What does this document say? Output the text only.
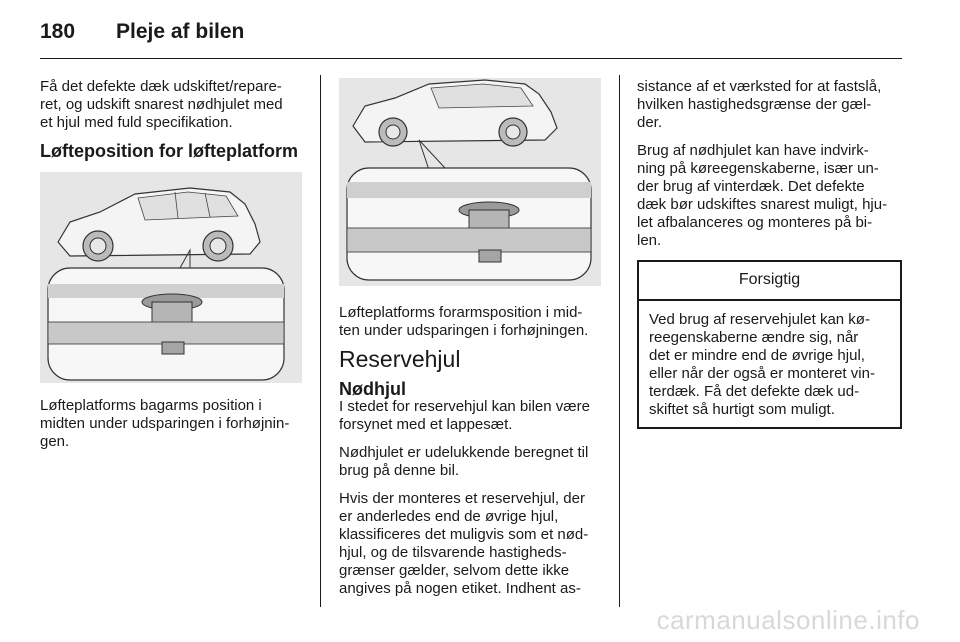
180	Pleje af bilen

Få det defekte dæk udskiftet/repare-
ret, og udskift snarest nødhjulet med
et hjul med fuld specifikation.

Løfteposition for løfteplatform

Løfteplatforms bagarms position i
midten under udsparingen i forhøjnin-
gen.

Løfteplatforms forarmsposition i mid-
ten under udsparingen i forhøjningen.

Reservehjul
Nødhjul

I stedet for reservehjul kan bilen være
forsynet med et lappesæt.

Nødhjulet er udelukkende beregnet til
brug på denne bil.

Hvis der monteres et reservehjul, der
er anderledes end de øvrige hjul,
klassificeres det muligvis som et nød-
hjul, og de tilsvarende hastigheds-
grænser gælder, selvom dette ikke
angives på nogen etiket. Indhent as-

sistance af et værksted for at fastslå,
hvilken hastighedsgrænse der gæl-
der.

Brug af nødhjulet kan have indvirk-
ning på køreegenskaberne, især un-
der brug af vinterdæk. Det defekte
dæk bør udskiftes snarest muligt, hju-
let afbalanceres og monteres på bi-
len.

Forsigtig
Ved brug af reservehjulet kan kø-
reegenskaberne ændre sig, når
det er mindre end de øvrige hjul,
eller når der også er monteret vin-
terdæk. Få det defekte dæk ud-
skiftet så hurtigt som muligt.
carmanualsonline.info
